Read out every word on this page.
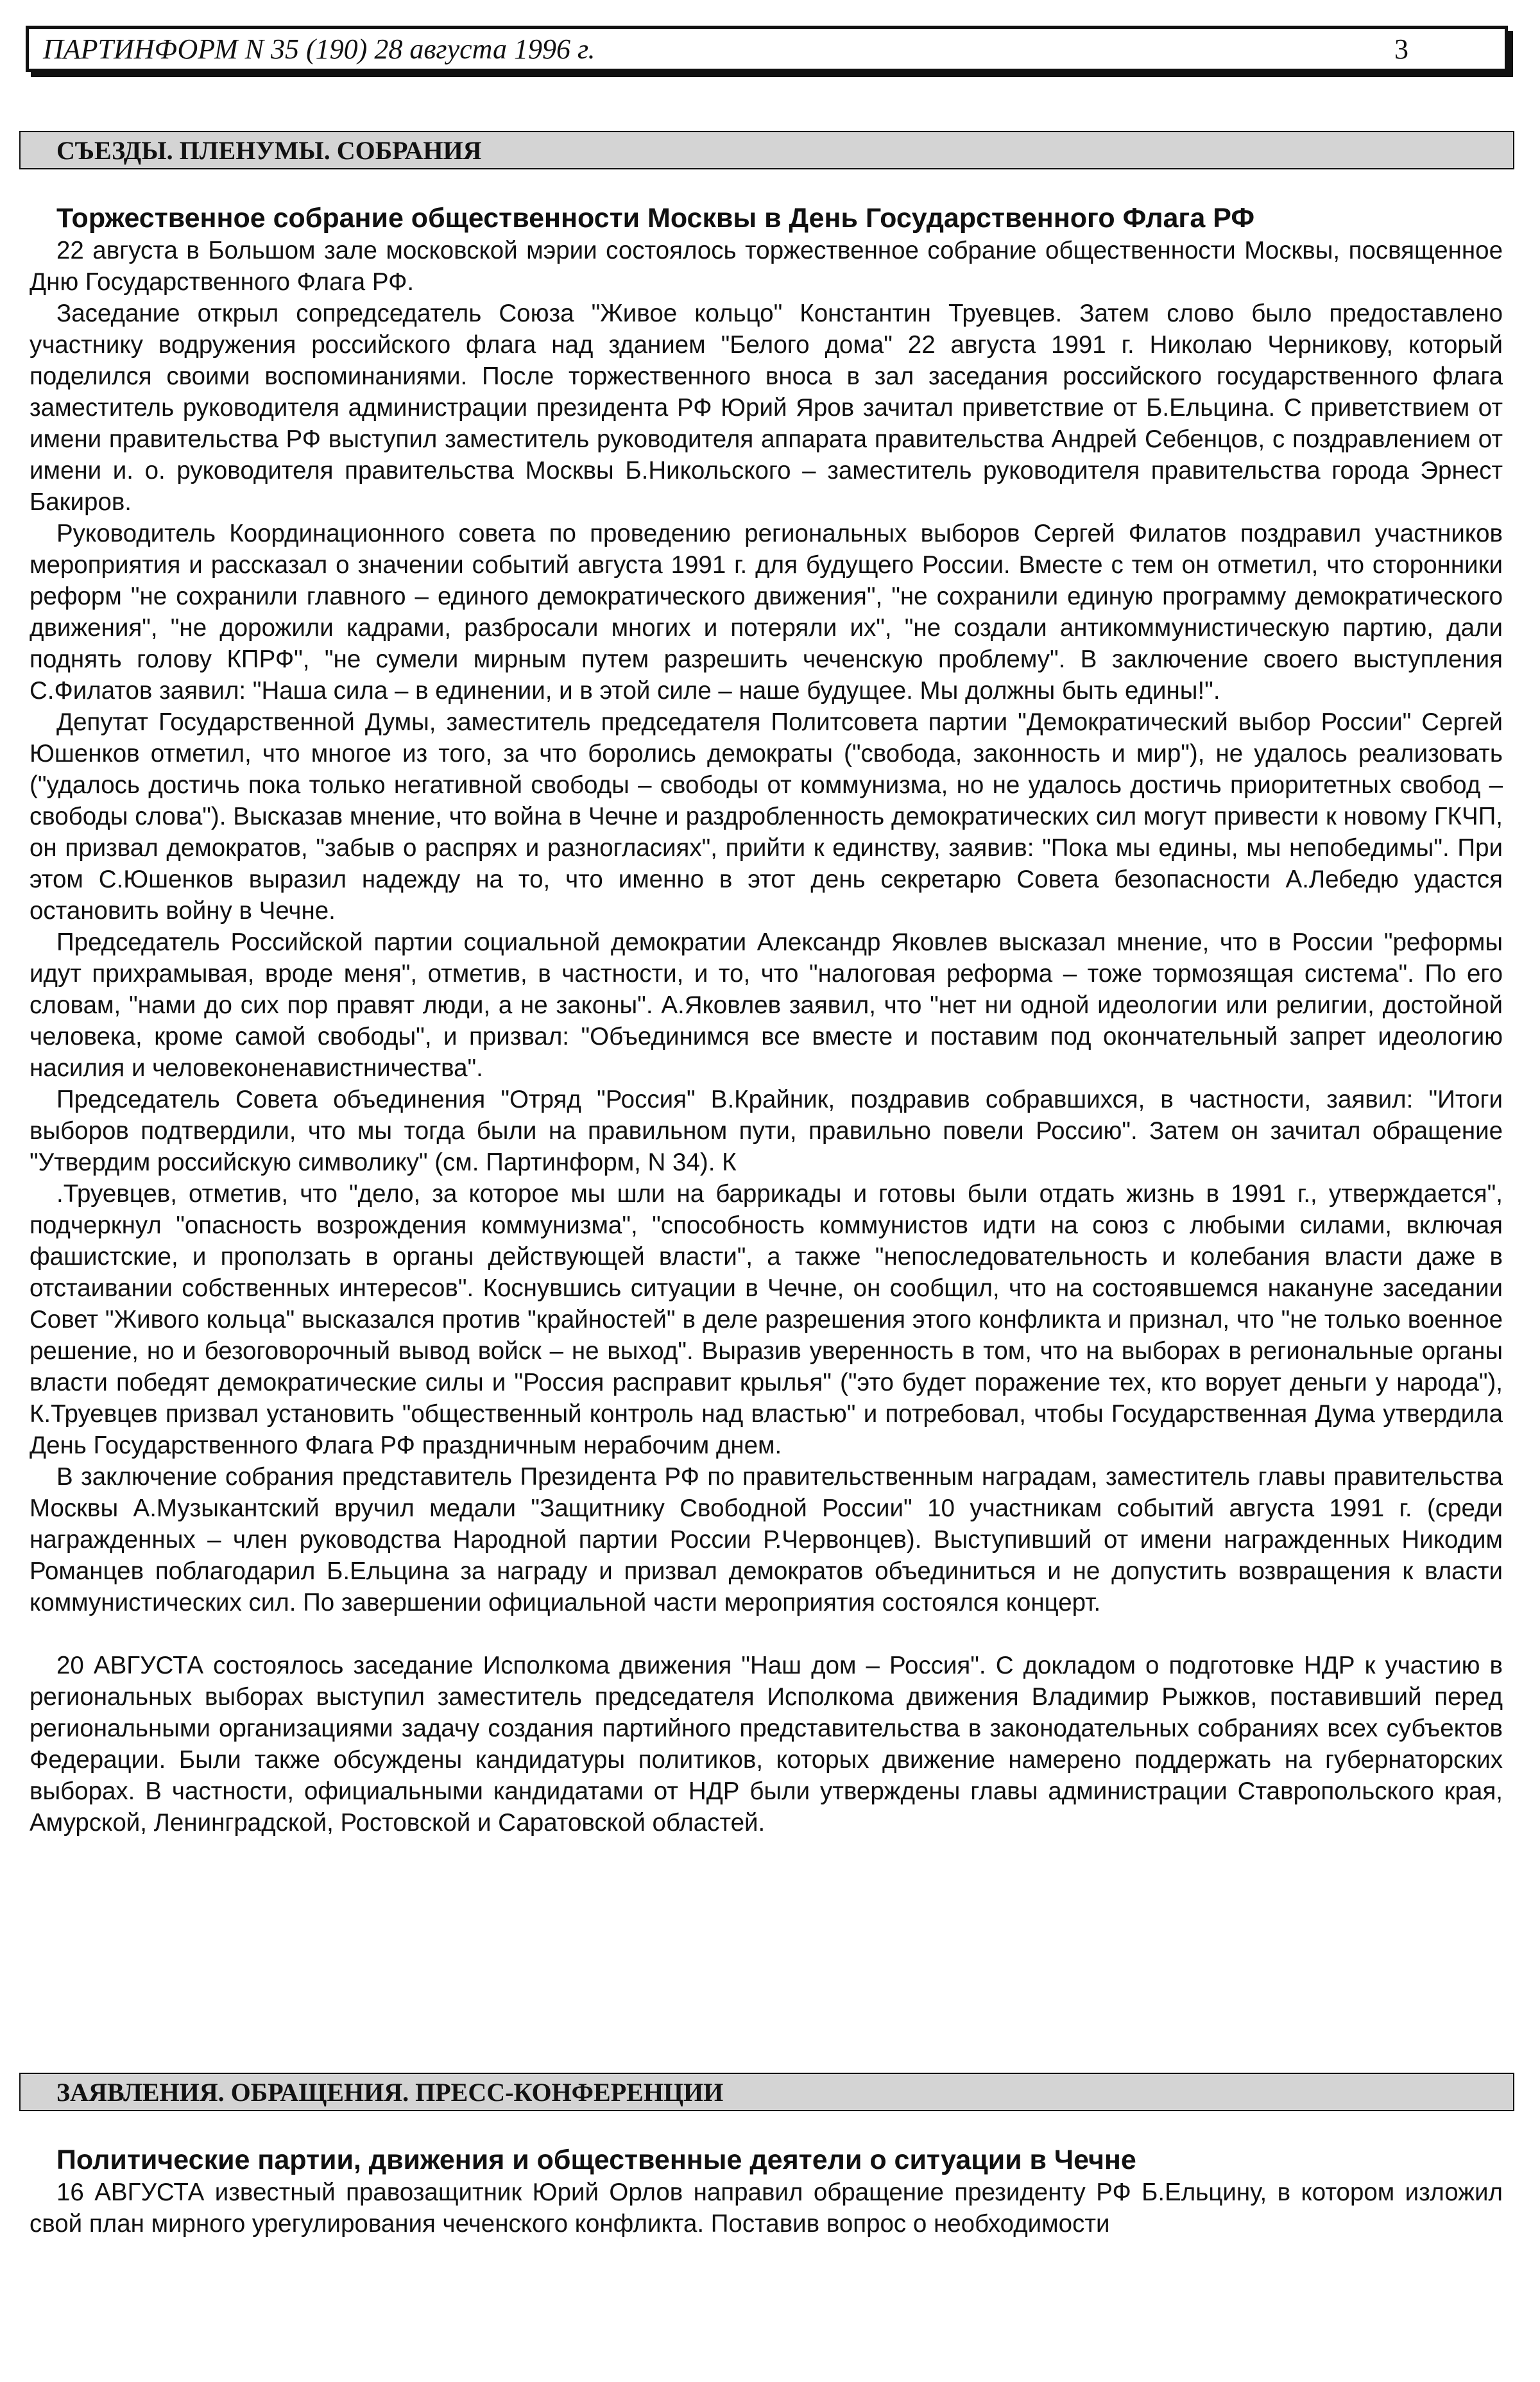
ПАРТИНФОРМ N 35 (190) 28 августа 1996 г.	3
СЪЕЗДЫ. ПЛЕНУМЫ. СОБРАНИЯ

Торжественное собрание общественности Москвы в День Государственного Флага РФ

22 августа в Большом зале московской мэрии состоялось торжественное собрание общественности Москвы, посвященное Дню Государственного Флага РФ.

Заседание открыл сопредседатель Союза "Живое кольцо" Константин Труевцев. Затем слово было предоставлено участнику водружения российского флага над зданием "Белого дома" 22 августа 1991 г. Николаю Черникову, который поделился своими воспоминаниями. После торжественного вноса в зал заседания российского государственного флага заместитель руководителя администрации президента РФ Юрий Яров зачитал приветствие от Б.Ельцина. С приветствием от имени правительства РФ выступил заместитель руководителя аппарата правительства Андрей Себенцов, с поздравлением от имени и. о. руководителя правительства Москвы Б.Никольского – заместитель руководителя правительства города Эрнест Бакиров.

Руководитель Координационного совета по проведению региональных выборов Сергей Филатов поздравил участников мероприятия и рассказал о значении событий августа 1991 г. для будущего России. Вместе с тем он отметил, что сторонники реформ "не сохранили главного – единого демократического движения", "не сохранили единую программу демократического движения", "не дорожили кадрами, разбросали многих и потеряли их", "не создали антикоммунистическую партию, дали поднять голову КПРФ", "не сумели мирным путем разрешить чеченскую проблему". В заключение своего выступления С.Филатов заявил: "Наша сила – в единении, и в этой силе – наше будущее. Мы должны быть едины!".

Депутат Государственной Думы, заместитель председателя Политсовета партии "Демократический выбор России" Сергей Юшенков отметил, что многое из того, за что боролись демократы ("свобода, законность и мир"), не удалось реализовать ("удалось достичь пока только негативной свободы – свободы от коммунизма, но не удалось достичь приоритетных свобод – свободы слова"). Высказав мнение, что война в Чечне и раздробленность демократических сил могут привести к новому ГКЧП, он призвал демократов, "забыв о распрях и разногласиях", прийти к единству, заявив: "Пока мы едины, мы непобедимы". При этом С.Юшенков выразил надежду на то, что именно в этот день секретарю Совета безопасности А.Лебедю удастся остановить войну в Чечне.

Председатель Российской партии социальной демократии Александр Яковлев высказал мнение, что в России "реформы идут прихрамывая, вроде меня", отметив, в частности, и то, что "налоговая реформа – тоже тормозящая система". По его словам, "нами до сих пор правят люди, а не законы". А.Яковлев заявил, что "нет ни одной идеологии или религии, достойной человека, кроме самой свободы", и призвал: "Объединимся все вместе и поставим под окончательный запрет идеологию насилия и человеконенавистничества".

Председатель Совета объединения "Отряд "Россия" В.Крайник, поздравив собравшихся, в частности, заявил: "Итоги выборов подтвердили, что мы тогда были на правильном пути, правильно повели Россию". Затем он зачитал обращение "Утвердим российскую символику" (см. Партинформ, N 34). К

.Труевцев, отметив, что "дело, за которое мы шли на баррикады и готовы были отдать жизнь в 1991 г., утверждается", подчеркнул "опасность возрождения коммунизма", "способность коммунистов идти на союз с любыми силами, включая фашистские, и проползать в органы действующей власти", а также "непоследовательность и колебания власти даже в отстаивании собственных интересов". Коснувшись ситуации в Чечне, он сообщил, что на состоявшемся накануне заседании Совет "Живого кольца" высказался против "крайностей" в деле разрешения этого конфликта и признал, что "не только военное решение, но и безоговорочный вывод войск – не выход". Выразив уверенность в том, что на выборах в региональные органы власти победят демократические силы и "Россия расправит крылья" ("это будет поражение тех, кто ворует деньги у народа"), К.Труевцев призвал установить "общественный контроль над властью" и потребовал, чтобы Государственная Дума утвердила День Государственного Флага РФ праздничным нерабочим днем.

В заключение собрания представитель Президента РФ по правительственным наградам, заместитель главы правительства Москвы А.Музыкантский вручил медали "Защитнику Свободной России" 10 участникам событий августа 1991 г. (среди награжденных – член руководства Народной партии России Р.Червонцев). Выступивший от имени награжденных Никодим Романцев поблагодарил Б.Ельцина за награду и призвал демократов объединиться и не допустить возвращения к власти коммунистических сил. По завершении официальной части мероприятия состоялся концерт.

20 АВГУСТА состоялось заседание Исполкома движения "Наш дом – Россия". С докладом о подготовке НДР к участию в региональных выборах выступил заместитель председателя Исполкома движения Владимир Рыжков, поставивший перед региональными организациями задачу создания партийного представительства в законодательных собраниях всех субъектов Федерации. Были также обсуждены кандидатуры политиков, которых движение намерено поддержать на губернаторских выборах. В частности, официальными кандидатами от НДР были утверждены главы администрации Ставропольского края, Амурской, Ленинградской, Ростовской и Саратовской областей.

ЗАЯВЛЕНИЯ. ОБРАЩЕНИЯ. ПРЕСС-КОНФЕРЕНЦИИ

Политические партии, движения и общественные деятели о ситуации в Чечне

16 АВГУСТА известный правозащитник Юрий Орлов направил обращение президенту РФ Б.Ельцину, в котором изложил свой план мирного урегулирования чеченского конфликта. Поставив вопрос о необходимости
